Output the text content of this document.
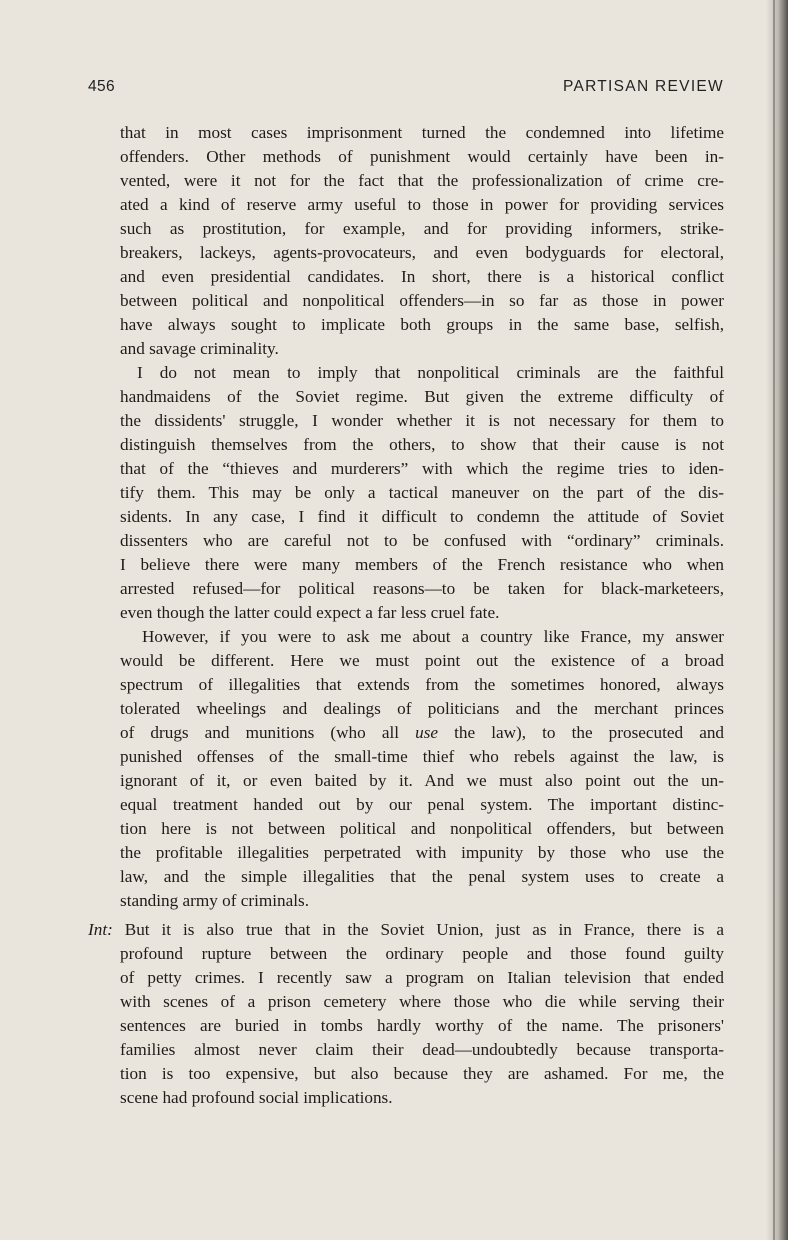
456	PARTISAN REVIEW
that in most cases imprisonment turned the condemned into lifetime
offenders. Other methods of punishment would certainly have been in-
vented, were it not for the fact that the professionalization of crime cre-
ated a kind of reserve army useful to those in power for providing services
such as prostitution, for example, and for providing informers, strike-
breakers, lackeys, agents-provocateurs, and even bodyguards for electoral,
and even presidential candidates. In short, there is a historical conflict
between political and nonpolitical offenders—in so far as those in power
have always sought to implicate both groups in the same base, selfish,
and savage criminality.
I do not mean to imply that nonpolitical criminals are the faithful
handmaidens of the Soviet regime. But given the extreme difficulty of
the dissidents' struggle, I wonder whether it is not necessary for them to
distinguish themselves from the others, to show that their cause is not
that of the “thieves and murderers” with which the regime tries to iden-
tify them. This may be only a tactical maneuver on the part of the dis-
sidents. In any case, I find it difficult to condemn the attitude of Soviet
dissenters who are careful not to be confused with “ordinary” criminals.
I believe there were many members of the French resistance who when
arrested refused—for political reasons—to be taken for black-marketeers,
even though the latter could expect a far less cruel fate.
However, if you were to ask me about a country like France, my answer
would be different. Here we must point out the existence of a broad
spectrum of illegalities that extends from the sometimes honored, always
tolerated wheelings and dealings of politicians and the merchant princes
of drugs and munitions (who all use the law), to the prosecuted and
punished offenses of the small-time thief who rebels against the law, is
ignorant of it, or even baited by it. And we must also point out the un-
equal treatment handed out by our penal system. The important distinc-
tion here is not between political and nonpolitical offenders, but between
the profitable illegalities perpetrated with impunity by those who use the
law, and the simple illegalities that the penal system uses to create a
standing army of criminals.
Int: But it is also true that in the Soviet Union, just as in France, there is a
profound rupture between the ordinary people and those found guilty
of petty crimes. I recently saw a program on Italian television that ended
with scenes of a prison cemetery where those who die while serving their
sentences are buried in tombs hardly worthy of the name. The prisoners'
families almost never claim their dead—undoubtedly because transporta-
tion is too expensive, but also because they are ashamed. For me, the
scene had profound social implications.
